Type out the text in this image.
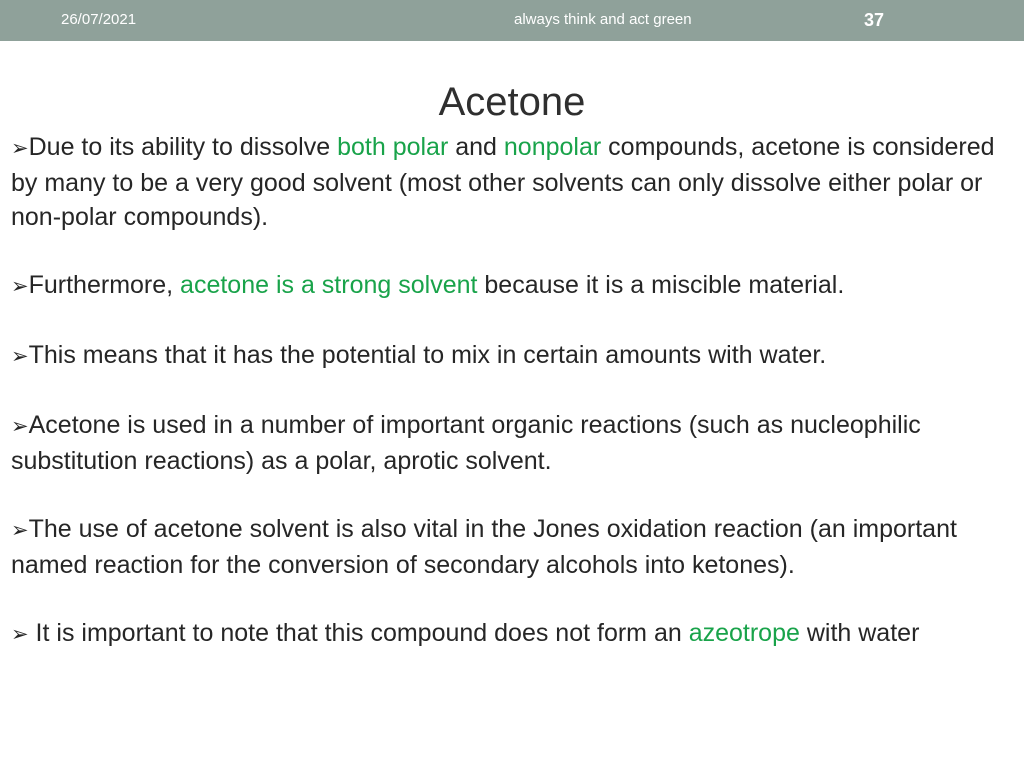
26/07/2021	always think and act green	37
Acetone

➢Due to its ability to dissolve both polar and nonpolar compounds, acetone is considered by many to be a very good solvent (most other solvents can only dissolve either polar or non-polar compounds).

➢Furthermore, acetone is a strong solvent because it is a miscible material.

➢This means that it has the potential to mix in certain amounts with water.

➢Acetone is used in a number of important organic reactions (such as nucleophilic substitution reactions) as a polar, aprotic solvent.

➢The use of acetone solvent is also vital in the Jones oxidation reaction (an important named reaction for the conversion of secondary alcohols into ketones).

➢ It is important to note that this compound does not form an azeotrope with water
